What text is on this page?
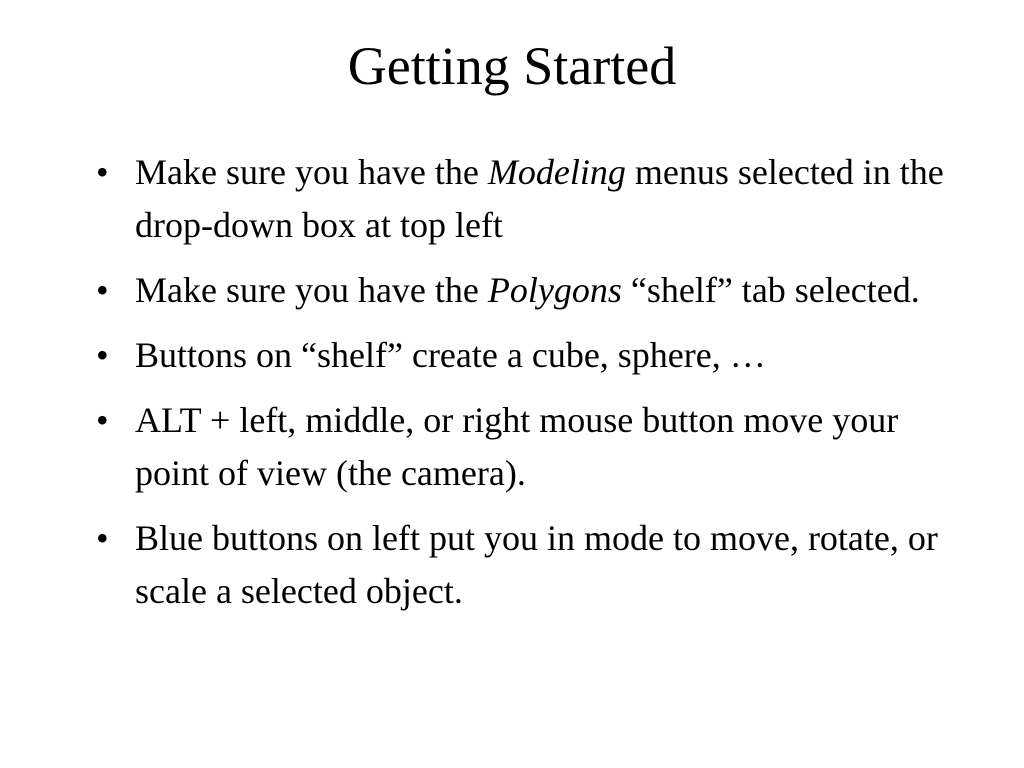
Getting Started
• Make sure you have the Modeling menus selected in the drop-down box at top left
• Make sure you have the Polygons “shelf” tab selected.
• Buttons on “shelf” create a cube, sphere, …
• ALT + left, middle, or right mouse button move your point of view (the camera).
• Blue buttons on left put you in mode to move, rotate, or scale a selected object.
